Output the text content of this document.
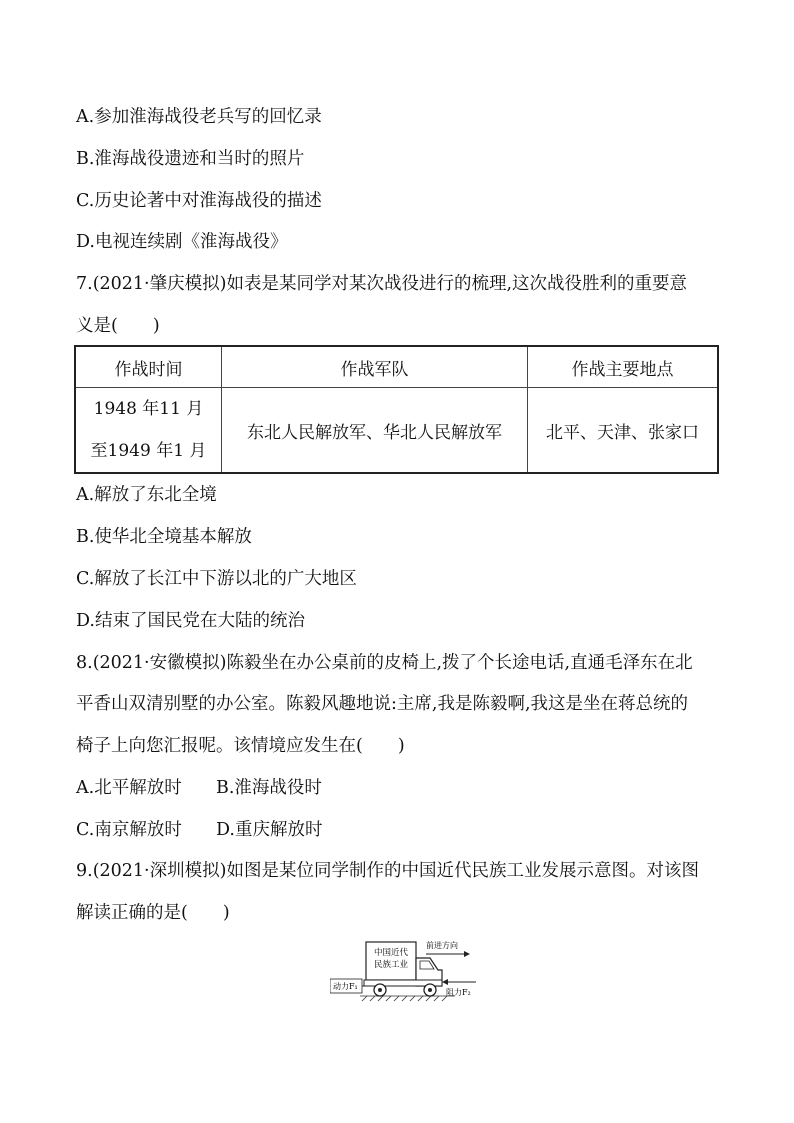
A.参加淮海战役老兵写的回忆录
B.淮海战役遗迹和当时的照片
C.历史论著中对淮海战役的描述
D.电视连续剧《淮海战役》
7.(2021·肇庆模拟)如表是某同学对某次战役进行的梳理,这次战役胜利的重要意
义是(　　)
作战时间	作战军队	作战主要地点

1948 年11 月
至1949 年1 月	东北人民解放军、华北人民解放军	北平、天津、张家口
A.解放了东北全境
B.使华北全境基本解放
C.解放了长江中下游以北的广大地区
D.结束了国民党在大陆的统治
8.(2021·安徽模拟)陈毅坐在办公桌前的皮椅上,拨了个长途电话,直通毛泽东在北
平香山双清别墅的办公室。陈毅风趣地说:主席,我是陈毅啊,我这是坐在蒋总统的
椅子上向您汇报呢。该情境应发生在(　　)
A.北平解放时 B.淮海战役时
C.南京解放时 D.重庆解放时
9.(2021·深圳模拟)如图是某位同学制作的中国近代民族工业发展示意图。对该图
解读正确的是(　　)
中国近代
民族工业
前进方向
动力F₁
阻力F₂
